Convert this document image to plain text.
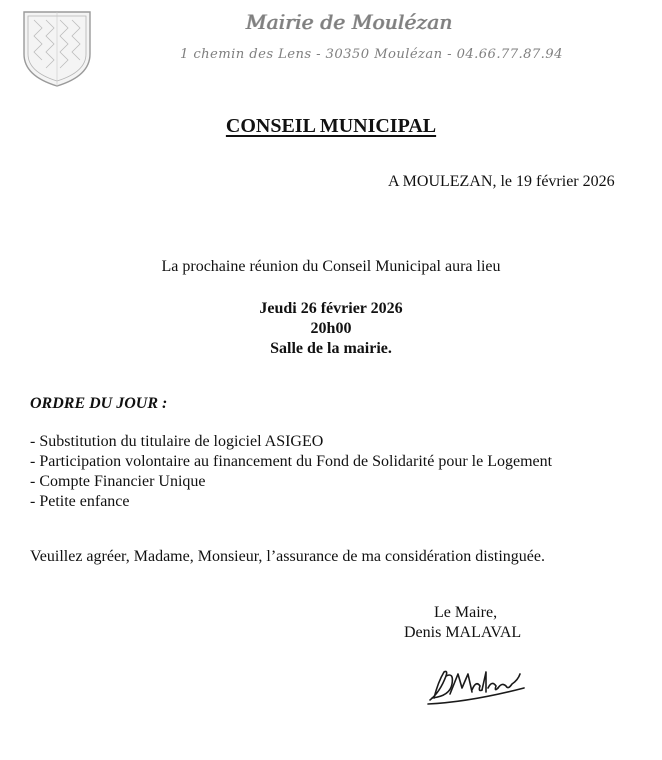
Mairie de Moulézan
1 chemin des Lens - 30350 Moulézan - 04.66.77.87.94
CONSEIL MUNICIPAL
A MOULEZAN, le 19 février 2026
La prochaine réunion du Conseil Municipal aura lieu
Jeudi 26 février 2026
20h00
Salle de la mairie.
ORDRE DU JOUR :
- Substitution du titulaire de logiciel ASIGEO
- Participation volontaire au financement du Fond de Solidarité pour le Logement
- Compte Financier Unique
- Petite enfance
Veuillez agréer, Madame, Monsieur, l’assurance de ma considération distinguée.
Le Maire,
Denis MALAVAL
